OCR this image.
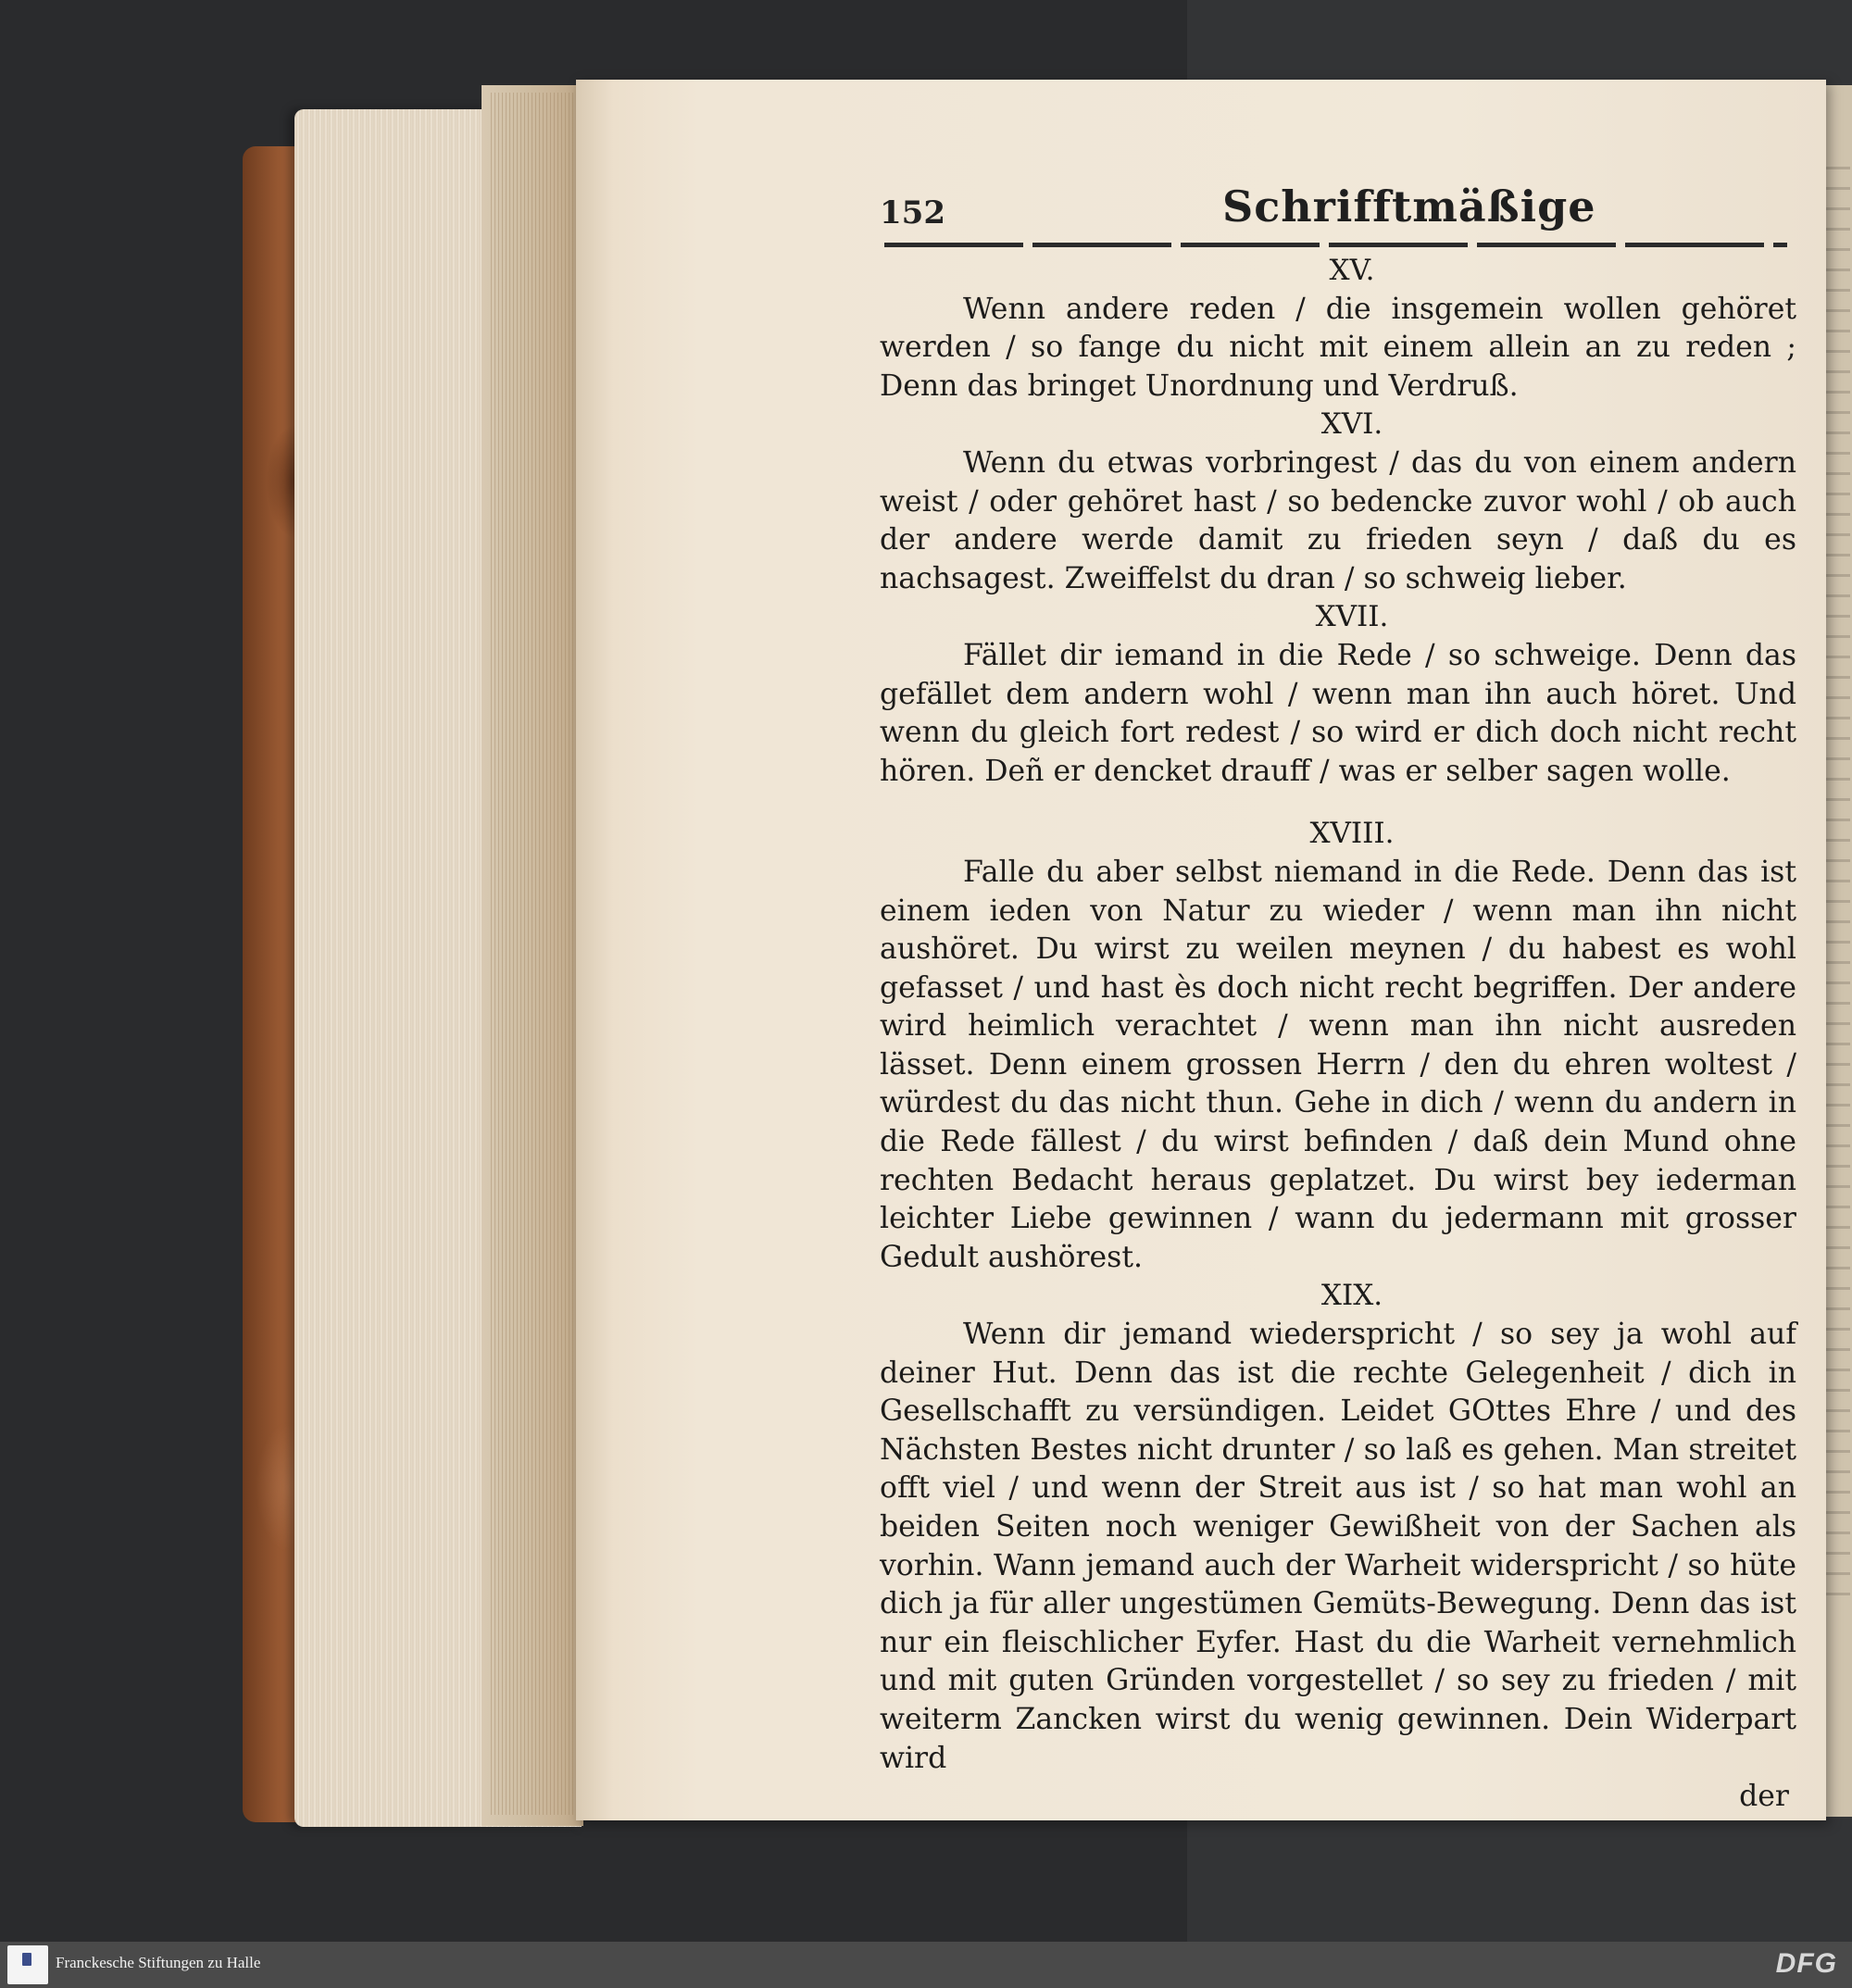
152	Schrifftmäßige

XV.

Wenn andere reden / die insgemein wollen gehöret werden / so fange du nicht mit einem allein an zu reden ; Denn das bringet Unordnung und Verdruß.

XVI.

Wenn du etwas vorbringest / das du von einem andern weist / oder gehöret hast / so bedencke zuvor wohl / ob auch der andere werde damit zu frieden seyn / daß du es nachsagest. Zweiffelst du dran / so schweig lieber.

XVII.

Fället dir iemand in die Rede / so schweige. Denn das gefället dem andern wohl / wenn man ihn auch höret. Und wenn du gleich fort redest / so wird er dich doch nicht recht hören. Deñ er dencket drauff / was er selber sagen wolle.

XVIII.

Falle du aber selbst niemand in die Rede. Denn das ist einem ieden von Natur zu wieder / wenn man ihn nicht aushöret. Du wirst zu weilen meynen / du habest es wohl gefasset / und hast ès doch nicht recht begriffen. Der andere wird heimlich verachtet / wenn man ihn nicht ausreden lässet. Denn einem grossen Herrn / den du ehren woltest / würdest du das nicht thun. Gehe in dich / wenn du andern in die Rede fällest / du wirst befinden / daß dein Mund ohne rechten Bedacht heraus geplatzet. Du wirst bey iederman leichter Liebe gewinnen / wann du jedermann mit grosser Gedult aushörest.

XIX.

Wenn dir jemand wiederspricht / so sey ja wohl auf deiner Hut. Denn das ist die rechte Gelegenheit / dich in Gesellschafft zu versündigen. Leidet GOttes Ehre / und des Nächsten Bestes nicht drunter / so laß es gehen. Man streitet offt viel / und wenn der Streit aus ist / so hat man wohl an beiden Seiten noch weniger Gewißheit von der Sachen als vorhin. Wann jemand auch der Warheit widerspricht / so hüte dich ja für aller ungestümen Gemüts-Bewegung. Denn das ist nur ein fleischlicher Eyfer. Hast du die Warheit vernehmlich und mit guten Gründen vorgestellet / so sey zu frieden / mit weiterm Zancken wirst du wenig gewinnen. Dein Widerpart wird

der

Franckesche Stiftungen zu Halle	DFG
